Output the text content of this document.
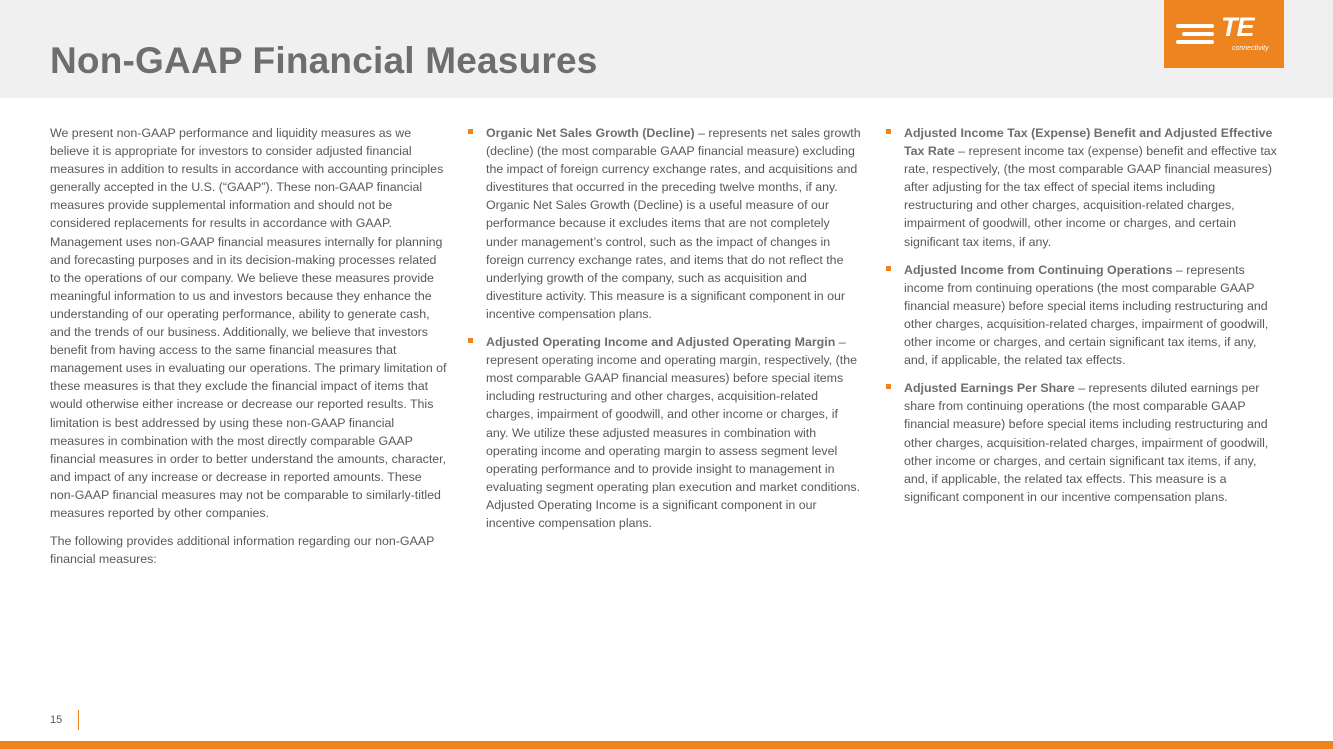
Non-GAAP Financial Measures
TE
connectivity

We present non-GAAP performance and liquidity measures as we believe it is appropriate for investors to consider adjusted financial measures in addition to results in accordance with accounting principles generally accepted in the U.S. (“GAAP”). These non-GAAP financial measures provide supplemental information and should not be considered replacements for results in accordance with GAAP. Management uses non-GAAP financial measures internally for planning and forecasting purposes and in its decision-making processes related to the operations of our company. We believe these measures provide meaningful information to us and investors because they enhance the understanding of our operating performance, ability to generate cash, and the trends of our business. Additionally, we believe that investors benefit from having access to the same financial measures that management uses in evaluating our operations. The primary limitation of these measures is that they exclude the financial impact of items that would otherwise either increase or decrease our reported results. This limitation is best addressed by using these non-GAAP financial measures in combination with the most directly comparable GAAP financial measures in order to better understand the amounts, character, and impact of any increase or decrease in reported amounts. These non-GAAP financial measures may not be comparable to similarly-titled measures reported by other companies.

The following provides additional information regarding our non-GAAP financial measures:

Organic Net Sales Growth (Decline) – represents net sales growth (decline) (the most comparable GAAP financial measure) excluding the impact of foreign currency exchange rates, and acquisitions and divestitures that occurred in the preceding twelve months, if any. Organic Net Sales Growth (Decline) is a useful measure of our performance because it excludes items that are not completely under management’s control, such as the impact of changes in foreign currency exchange rates, and items that do not reflect the underlying growth of the company, such as acquisition and divestiture activity. This measure is a significant component in our incentive compensation plans.
Adjusted Operating Income and Adjusted Operating Margin – represent operating income and operating margin, respectively, (the most comparable GAAP financial measures) before special items including restructuring and other charges, acquisition-related charges, impairment of goodwill, and other income or charges, if any. We utilize these adjusted measures in combination with operating income and operating margin to assess segment level operating performance and to provide insight to management in evaluating segment operating plan execution and market conditions. Adjusted Operating Income is a significant component in our incentive compensation plans.
Adjusted Income Tax (Expense) Benefit and Adjusted Effective Tax Rate – represent income tax (expense) benefit and effective tax rate, respectively, (the most comparable GAAP financial measures) after adjusting for the tax effect of special items including restructuring and other charges, acquisition-related charges, impairment of goodwill, other income or charges, and certain significant tax items, if any.
Adjusted Income from Continuing Operations – represents income from continuing operations (the most comparable GAAP financial measure) before special items including restructuring and other charges, acquisition-related charges, impairment of goodwill, other income or charges, and certain significant tax items, if any, and, if applicable, the related tax effects.
Adjusted Earnings Per Share – represents diluted earnings per share from continuing operations (the most comparable GAAP financial measure) before special items including restructuring and other charges, acquisition-related charges, impairment of goodwill, other income or charges, and certain significant tax items, if any, and, if applicable, the related tax effects. This measure is a significant component in our incentive compensation plans.
15
